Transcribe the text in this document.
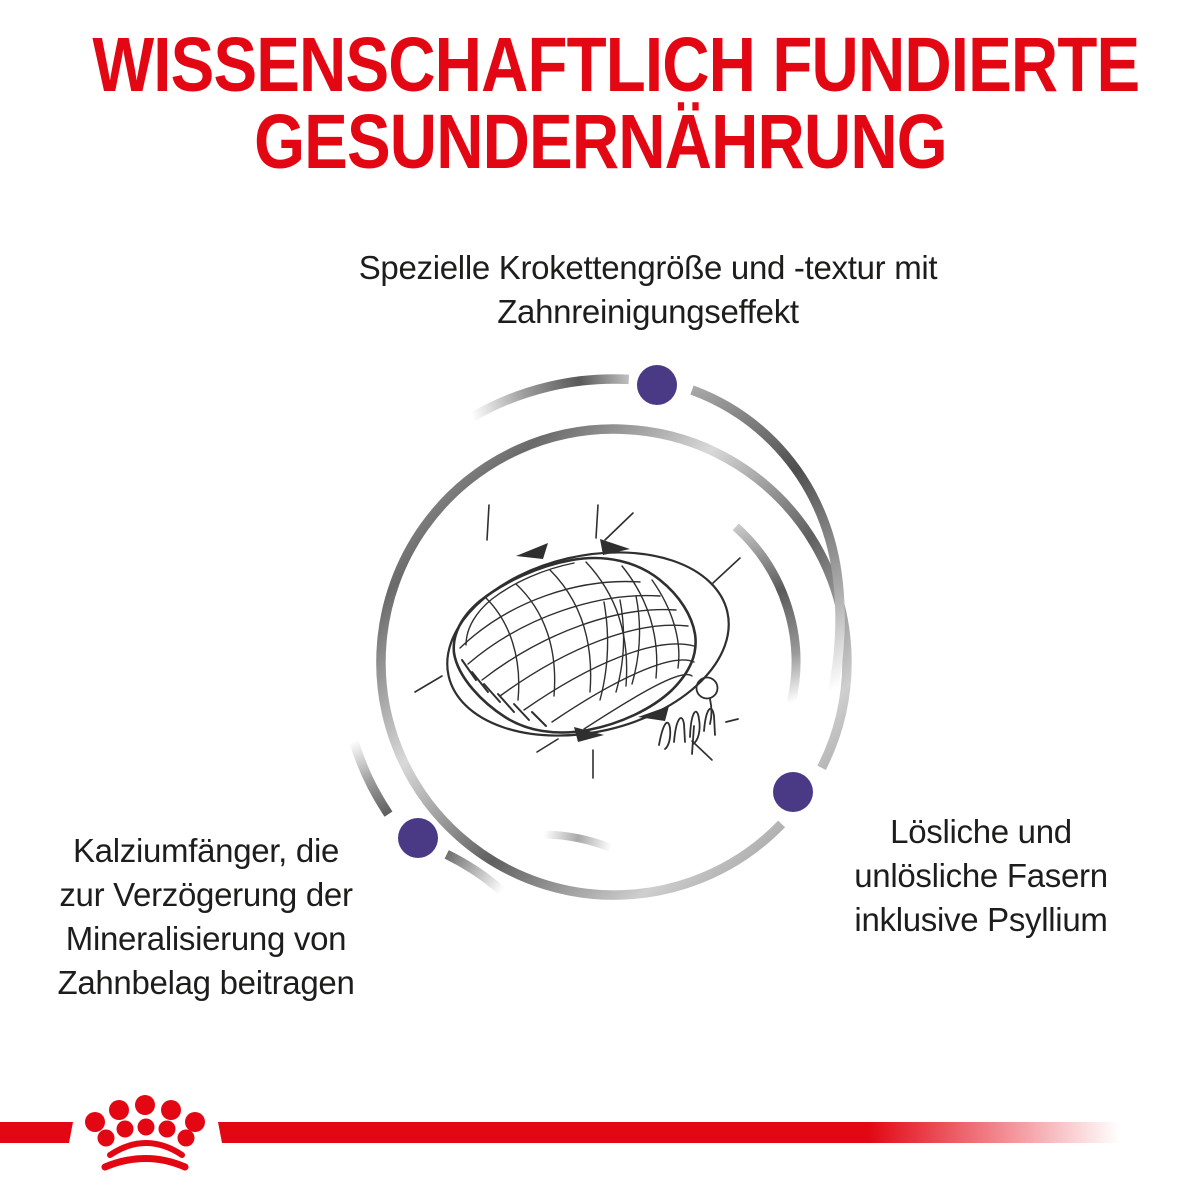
WISSENSCHAFTLICH FUNDIERTE
GESUNDERNÄHRUNG
Spezielle Krokettengröße und -textur mit
Zahnreinigungseffekt
Kalziumfänger, die
zur Verzögerung der
Mineralisierung von
Zahnbelag beitragen
Lösliche und
unlösliche Fasern
inklusive Psyllium
